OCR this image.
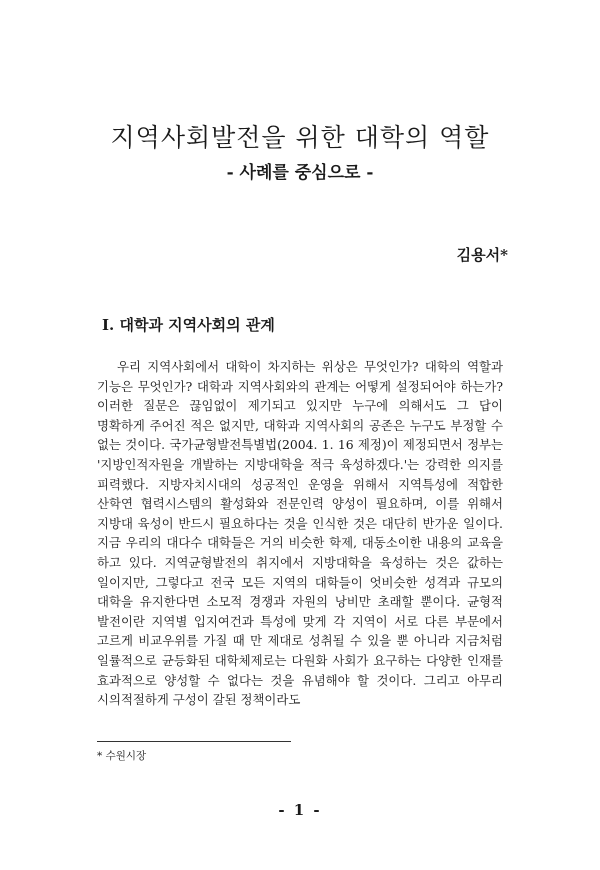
지역사회발전을 위한 대학의 역할
- 사례를 중심으로 -
김용서*
Ⅰ. 대학과 지역사회의 관계

우리 지역사회에서 대학이 차지하는 위상은 무엇인가? 대학의 역할과 기능은 무엇인가? 대학과 지역사회와의 관계는 어떻게 설정되어야 하는가? 이러한 질문은 끊임없이 제기되고 있지만 누구에 의해서도 그 답이 명확하게 주어진 적은 없지만, 대학과 지역사회의 공존은 누구도 부정할 수 없는 것이다. 국가균형발전특별법(2004. 1. 16 제정)이 제정되면서 정부는 '지방인적자원을 개발하는 지방대학을 적극 육성하겠다.'는 강력한 의지를 피력했다. 지방자치시대의 성공적인 운영을 위해서 지역특성에 적합한 산학연 협력시스템의 활성화와 전문인력 양성이 필요하며, 이를 위해서 지방대 육성이 반드시 필요하다는 것을 인식한 것은 대단히 반가운 일이다. 지금 우리의 대다수 대학들은 거의 비슷한 학제, 대동소이한 내용의 교육을 하고 있다. 지역균형발전의 취지에서 지방대학을 육성하는 것은 값하는 일이지만, 그렇다고 전국 모든 지역의 대학들이 엇비슷한 성격과 규모의 대학을 유지한다면 소모적 경쟁과 자원의 낭비만 초래할 뿐이다. 균형적 발전이란 지역별 입지여건과 특성에 맞게 각 지역이 서로 다른 부문에서 고르게 비교우위를 가질 때 만 제대로 성취될 수 있을 뿐 아니라 지금처럼 일률적으로 균등화된 대학체제로는 다원화 사회가 요구하는 다양한 인재를 효과적으로 양성할 수 없다는 것을 유념해야 할 것이다. 그리고 아무리 시의적절하게 구성이 갈된 정책이라도

* 수원시장
- 1 -
